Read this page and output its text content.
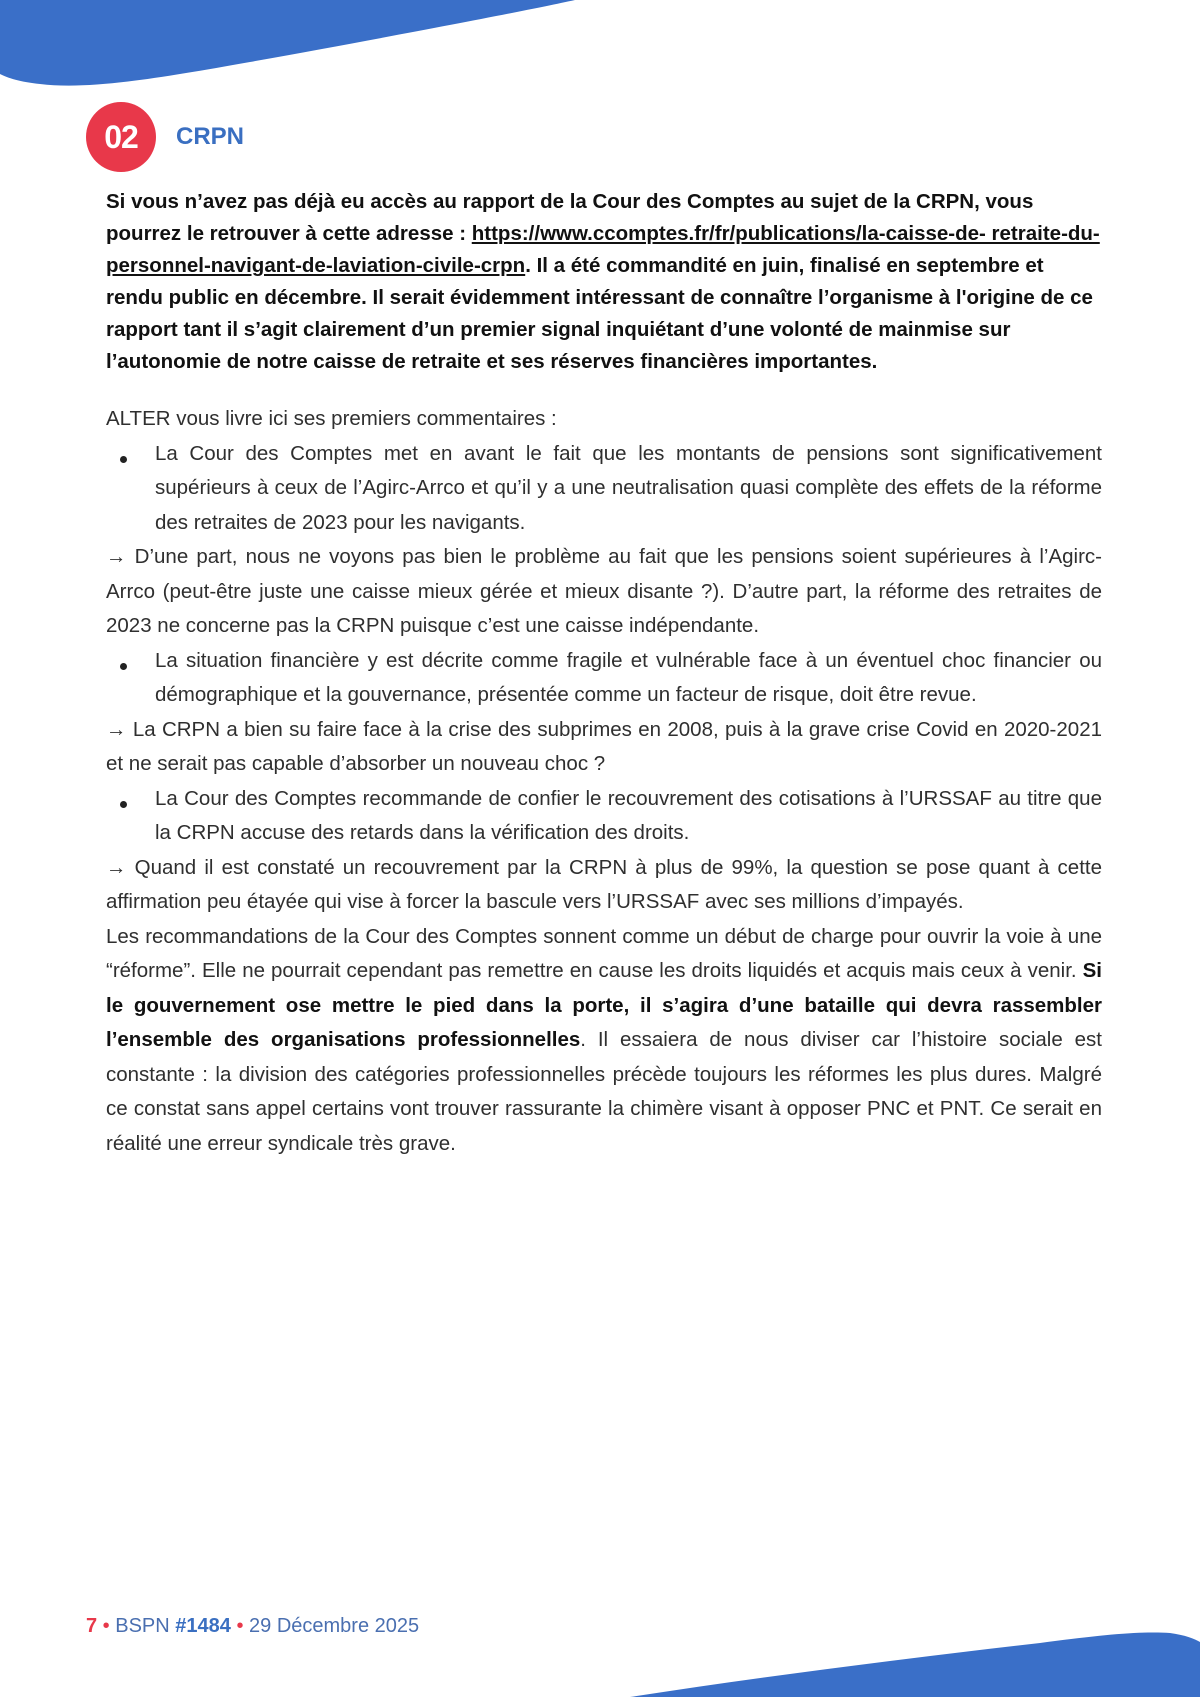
02	CRPN

Si vous n’avez pas déjà eu accès au rapport de la Cour des Comptes au sujet de la CRPN, vous pourrez le retrouver à cette adresse : https://www.ccomptes.fr/fr/publications/la-caisse-de- retraite-du-personnel-navigant-de-laviation-civile-crpn. Il a été commandité en juin, finalisé en septembre et rendu public en décembre. Il serait évidemment intéressant de connaître l’organisme à l'origine de ce rapport tant il s’agit clairement d’un premier signal inquiétant d’une volonté de mainmise sur l’autonomie de notre caisse de retraite et ses réserves financières importantes.

ALTER vous livre ici ses premiers commentaires :

La Cour des Comptes met en avant le fait que les montants de pensions sont significativement supérieurs à ceux de l’Agirc-Arrco et qu’il y a une neutralisation quasi complète des effets de la réforme des retraites de 2023 pour les navigants.

→ D’une part, nous ne voyons pas bien le problème au fait que les pensions soient supérieures à l’Agirc-Arrco (peut-être juste une caisse mieux gérée et mieux disante ?). D’autre part, la réforme des retraites de 2023 ne concerne pas la CRPN puisque c’est une caisse indépendante.

La situation financière y est décrite comme fragile et vulnérable face à un éventuel choc financier ou démographique et la gouvernance, présentée comme un facteur de risque, doit être revue.

→ La CRPN a bien su faire face à la crise des subprimes en 2008, puis à la grave crise Covid en 2020-2021 et ne serait pas capable d’absorber un nouveau choc ?

La Cour des Comptes recommande de confier le recouvrement des cotisations à l’URSSAF au titre que la CRPN accuse des retards dans la vérification des droits.

→ Quand il est constaté un recouvrement par la CRPN à plus de 99%, la question se pose quant à cette affirmation peu étayée qui vise à forcer la bascule vers l’URSSAF avec ses millions d’impayés.

Les recommandations de la Cour des Comptes sonnent comme un début de charge pour ouvrir la voie à une “réforme”. Elle ne pourrait cependant pas remettre en cause les droits liquidés et acquis mais ceux à venir. Si le gouvernement ose mettre le pied dans la porte, il s’agira d’une bataille qui devra rassembler l’ensemble des organisations professionnelles. Il essaiera de nous diviser car l’histoire sociale est constante : la division des catégories professionnelles précède toujours les réformes les plus dures. Malgré ce constat sans appel certains vont trouver rassurante la chimère visant à opposer PNC et PNT. Ce serait en réalité une erreur syndicale très grave.

7 • BSPN #1484 • 29 Décembre 2025
